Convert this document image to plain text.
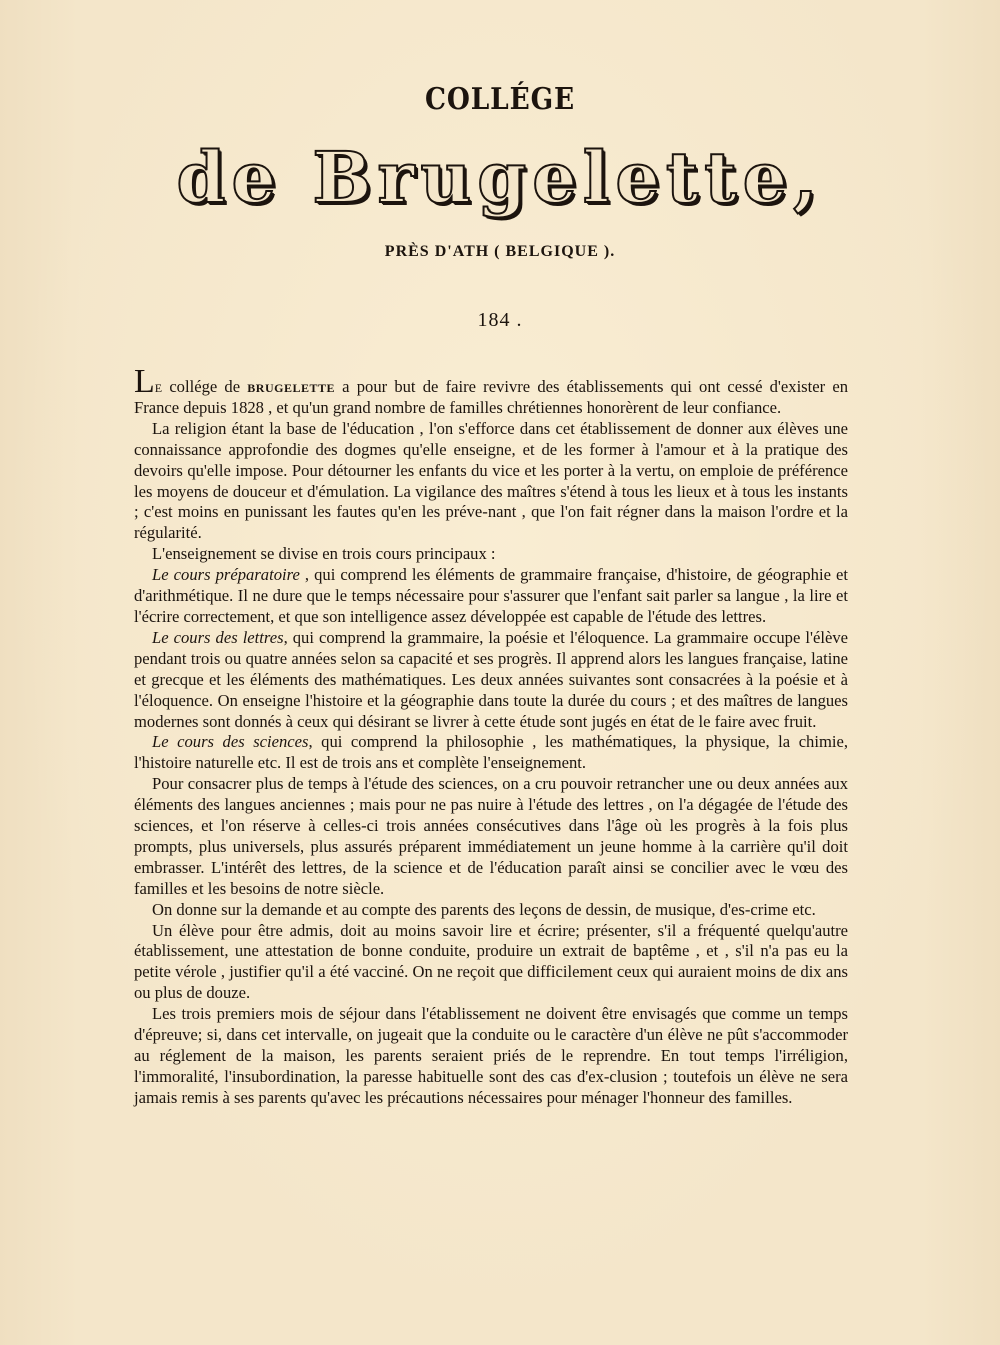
COLLÉGE
de Brugelette,
PRÈS D'ATH ( BELGIQUE ).
184 .

Le collége de brugelette a pour but de faire revivre des établissements qui ont cessé d'exister en France depuis 1828 , et qu'un grand nombre de familles chrétiennes honorèrent de leur confiance.

La religion étant la base de l'éducation , l'on s'efforce dans cet établissement de donner aux élèves une connaissance approfondie des dogmes qu'elle enseigne, et de les former à l'amour et à la pratique des devoirs qu'elle impose. Pour détourner les enfants du vice et les porter à la vertu, on emploie de préférence les moyens de douceur et d'émulation. La vigilance des maîtres s'étend à tous les lieux et à tous les instants ; c'est moins en punissant les fautes qu'en les préve-nant , que l'on fait régner dans la maison l'ordre et la régularité.

L'enseignement se divise en trois cours principaux :

Le cours préparatoire , qui comprend les éléments de grammaire française, d'histoire, de géographie et d'arithmétique. Il ne dure que le temps nécessaire pour s'assurer que l'enfant sait parler sa langue , la lire et l'écrire correctement, et que son intelligence assez développée est capable de l'étude des lettres.

Le cours des lettres, qui comprend la grammaire, la poésie et l'éloquence. La grammaire occupe l'élève pendant trois ou quatre années selon sa capacité et ses progrès. Il apprend alors les langues française, latine et grecque et les éléments des mathématiques. Les deux années suivantes sont consacrées à la poésie et à l'éloquence. On enseigne l'histoire et la géographie dans toute la durée du cours ; et des maîtres de langues modernes sont donnés à ceux qui désirant se livrer à cette étude sont jugés en état de le faire avec fruit.

Le cours des sciences, qui comprend la philosophie , les mathématiques, la physique, la chimie, l'histoire naturelle etc. Il est de trois ans et complète l'enseignement.

Pour consacrer plus de temps à l'étude des sciences, on a cru pouvoir retrancher une ou deux années aux éléments des langues anciennes ; mais pour ne pas nuire à l'étude des lettres , on l'a dégagée de l'étude des sciences, et l'on réserve à celles-ci trois années consécutives dans l'âge où les progrès à la fois plus prompts, plus universels, plus assurés préparent immédiatement un jeune homme à la carrière qu'il doit embrasser. L'intérêt des lettres, de la science et de l'éducation paraît ainsi se concilier avec le vœu des familles et les besoins de notre siècle.

On donne sur la demande et au compte des parents des leçons de dessin, de musique, d'es-crime etc.

Un élève pour être admis, doit au moins savoir lire et écrire; présenter, s'il a fréquenté quelqu'autre établissement, une attestation de bonne conduite, produire un extrait de baptême , et , s'il n'a pas eu la petite vérole , justifier qu'il a été vacciné. On ne reçoit que difficilement ceux qui auraient moins de dix ans ou plus de douze.

Les trois premiers mois de séjour dans l'établissement ne doivent être envisagés que comme un temps d'épreuve; si, dans cet intervalle, on jugeait que la conduite ou le caractère d'un élève ne pût s'accommoder au réglement de la maison, les parents seraient priés de le reprendre. En tout temps l'irréligion, l'immoralité, l'insubordination, la paresse habituelle sont des cas d'ex-clusion ; toutefois un élève ne sera jamais remis à ses parents qu'avec les précautions nécessaires pour ménager l'honneur des familles.
